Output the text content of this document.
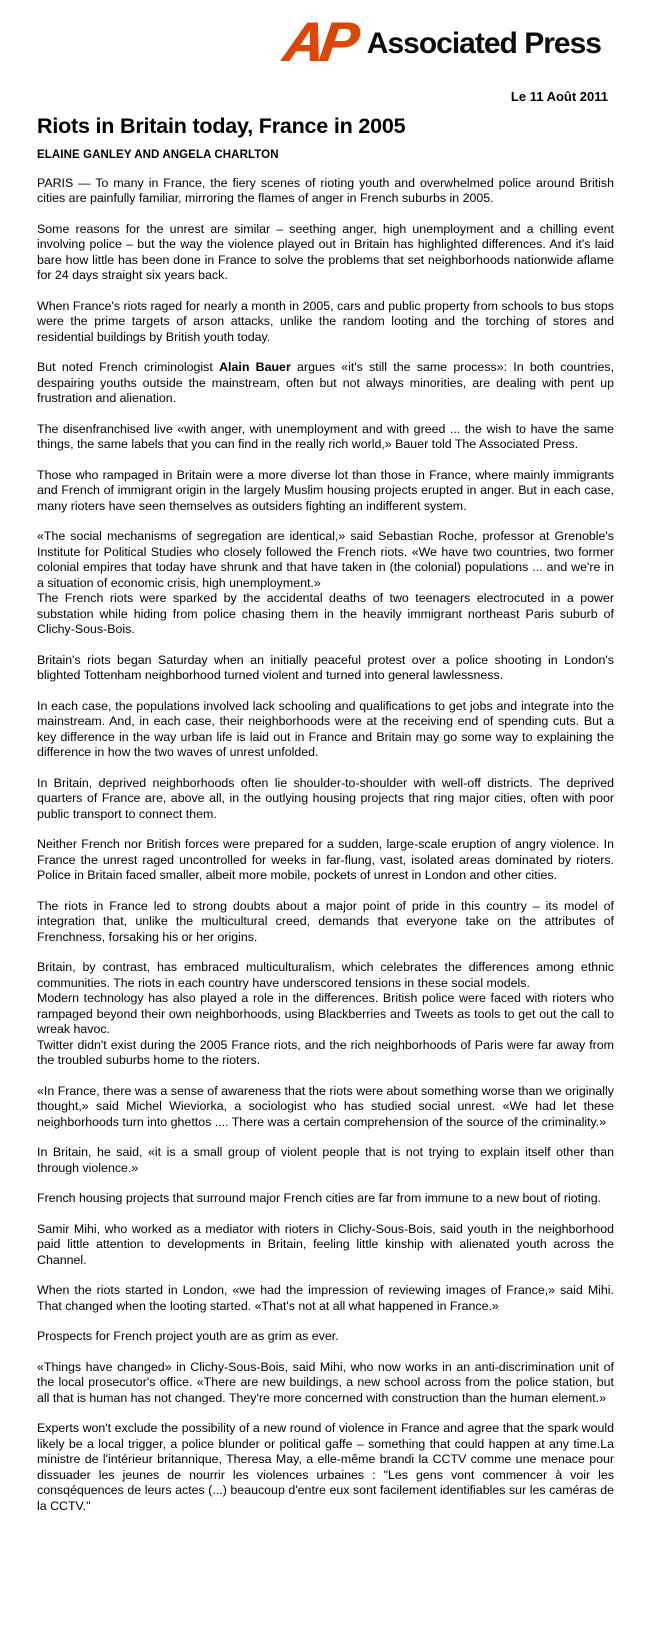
AP Associated Press
Le 11 Août 2011
Riots in Britain today, France in 2005
ELAINE GANLEY AND ANGELA CHARLTON

PARIS — To many in France, the fiery scenes of rioting youth and overwhelmed police around British cities are painfully familiar, mirroring the flames of anger in French suburbs in 2005.

Some reasons for the unrest are similar – seething anger, high unemployment and a chilling event involving police – but the way the violence played out in Britain has highlighted differences. And it's laid bare how little has been done in France to solve the problems that set neighborhoods nationwide aflame for 24 days straight six years back.

When France's riots raged for nearly a month in 2005, cars and public property from schools to bus stops were the prime targets of arson attacks, unlike the random looting and the torching of stores and residential buildings by British youth today.

But noted French criminologist Alain Bauer argues «it's still the same process»: In both countries, despairing youths outside the mainstream, often but not always minorities, are dealing with pent up frustration and alienation.

The disenfranchised live «with anger, with unemployment and with greed ... the wish to have the same things, the same labels that you can find in the really rich world,» Bauer told The Associated Press.

Those who rampaged in Britain were a more diverse lot than those in France, where mainly immigrants and French of immigrant origin in the largely Muslim housing projects erupted in anger. But in each case, many rioters have seen themselves as outsiders fighting an indifferent system.

«The social mechanisms of segregation are identical,» said Sebastian Roche, professor at Grenoble's Institute for Political Studies who closely followed the French riots. «We have two countries, two former colonial empires that today have shrunk and that have taken in (the colonial) populations ... and we're in a situation of economic crisis, high unemployment.»

The French riots were sparked by the accidental deaths of two teenagers electrocuted in a power substation while hiding from police chasing them in the heavily immigrant northeast Paris suburb of Clichy-Sous-Bois.

Britain's riots began Saturday when an initially peaceful protest over a police shooting in London's blighted Tottenham neighborhood turned violent and turned into general lawlessness.

In each case, the populations involved lack schooling and qualifications to get jobs and integrate into the mainstream. And, in each case, their neighborhoods were at the receiving end of spending cuts. But a key difference in the way urban life is laid out in France and Britain may go some way to explaining the difference in how the two waves of unrest unfolded.

In Britain, deprived neighborhoods often lie shoulder-to-shoulder with well-off districts. The deprived quarters of France are, above all, in the outlying housing projects that ring major cities, often with poor public transport to connect them.

Neither French nor British forces were prepared for a sudden, large-scale eruption of angry violence. In France the unrest raged uncontrolled for weeks in far-flung, vast, isolated areas dominated by rioters. Police in Britain faced smaller, albeit more mobile, pockets of unrest in London and other cities.

The riots in France led to strong doubts about a major point of pride in this country – its model of integration that, unlike the multicultural creed, demands that everyone take on the attributes of Frenchness, forsaking his or her origins.

Britain, by contrast, has embraced multiculturalism, which celebrates the differences among ethnic communities. The riots in each country have underscored tensions in these social models.

Modern technology has also played a role in the differences. British police were faced with rioters who rampaged beyond their own neighborhoods, using Blackberries and Tweets as tools to get out the call to wreak havoc.

Twitter didn't exist during the 2005 France riots, and the rich neighborhoods of Paris were far away from the troubled suburbs home to the rioters.

«In France, there was a sense of awareness that the riots were about something worse than we originally thought,» said Michel Wieviorka, a sociologist who has studied social unrest. «We had let these neighborhoods turn into ghettos .... There was a certain comprehension of the source of the criminality.»

In Britain, he said, «it is a small group of violent people that is not trying to explain itself other than through violence.»

French housing projects that surround major French cities are far from immune to a new bout of rioting.

Samir Mihi, who worked as a mediator with rioters in Clichy-Sous-Bois, said youth in the neighborhood paid little attention to developments in Britain, feeling little kinship with alienated youth across the Channel.

When the riots started in London, «we had the impression of reviewing images of France,» said Mihi. That changed when the looting started. «That's not at all what happened in France.»

Prospects for French project youth are as grim as ever.

«Things have changed» in Clichy-Sous-Bois, said Mihi, who now works in an anti-discrimination unit of the local prosecutor's office. «There are new buildings, a new school across from the police station, but all that is human has not changed. They're more concerned with construction than the human element.»

Experts won't exclude the possibility of a new round of violence in France and agree that the spark would likely be a local trigger, a police blunder or political gaffe – something that could happen at any time.La ministre de l'intérieur britannique, Theresa May, a elle-même brandi la CCTV comme une menace pour dissuader les jeunes de nourrir les violences urbaines : "Les gens vont commencer à voir les consqéquences de leurs actes (...) beaucoup d'entre eux sont facilement identifiables sur les caméras de la CCTV."
